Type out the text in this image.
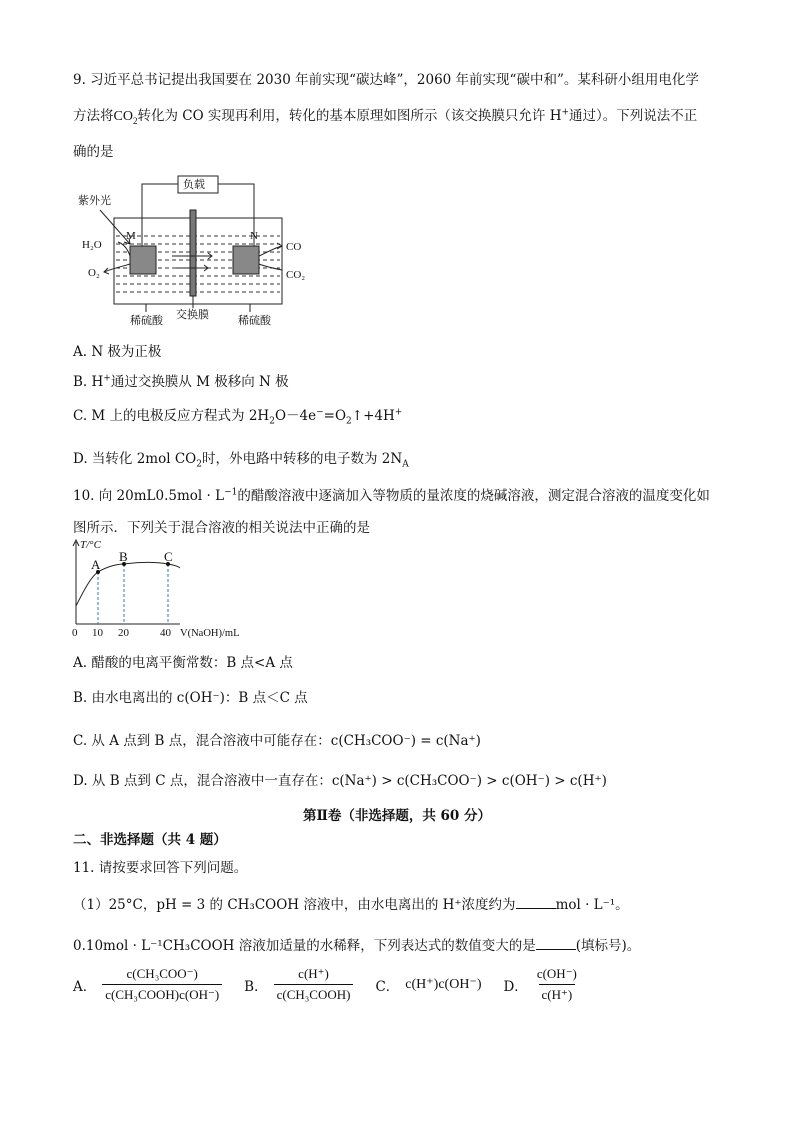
9. 习近平总书记提出我国要在 2030 年前实现“碳达峰”，2060 年前实现“碳中和”。某科研小组用电化学
方法将$CO_2$转化为 CO 实现再利用，转化的基本原理如图所示（该交换膜只允许 H+通过）。下列说法不正
确的是
负载
紫外光
M	N
H₂O
O₂
CO
CO₂
稀硫酸 交换膜	稀硫酸
A. N 极为正极
B. H+通过交换膜从 M 极移向 N 极
C. M 上的电极反应方程式为 $2H_2O-4e^-=O_2↑+4H^+$
D. 当转化 2mol $CO_2$时，外电路中转移的电子数为 $2N_A$
10. 向 $20mL0.5mol \cdot L^{-1}$的醋酸溶液中逐滴加入等物质的量浓度的烧碱溶液，测定混合溶液的温度变化如
图所示．下列关于混合溶液的相关说法中正确的是
T/°C
A
B	C
0 10 20	40 V(NaOH)/mL
A. 醋酸的电离平衡常数：B 点<A 点
B. 由水电离出的 c(OH⁻)：B 点＜C 点
C. 从 A 点到 B 点，混合溶液中可能存在：c(CH₃COO⁻) = c(Na⁺)
D. 从 B 点到 C 点，混合溶液中一直存在：c(Na⁺) > c(CH₃COO⁻) > c(OH⁻) > c(H⁺)
第Ⅱ卷（非选择题，共 60 分）
二、非选择题（共 4 题）
11. 请按要求回答下列问题。
（1）25°C，pH = 3 的 CH₃COOH 溶液中，由水电离出的 H⁺浓度约为	mol · L⁻¹。
0.10mol · L⁻¹CH₃COOH 溶液加适量的水稀释，下列表达式的数值变大的是	(填标号)。
A． $\frac{\text{c(CH₃COO⁻)}}{\text{c(CH₃COOH)c(OH⁻)}}$ B． $\frac{c(H^+)}{\text{c(CH₃COOH)}}$ C． c(H⁺)c(OH⁻) D． $\frac{c(OH^-)}{c(H^+)}$
